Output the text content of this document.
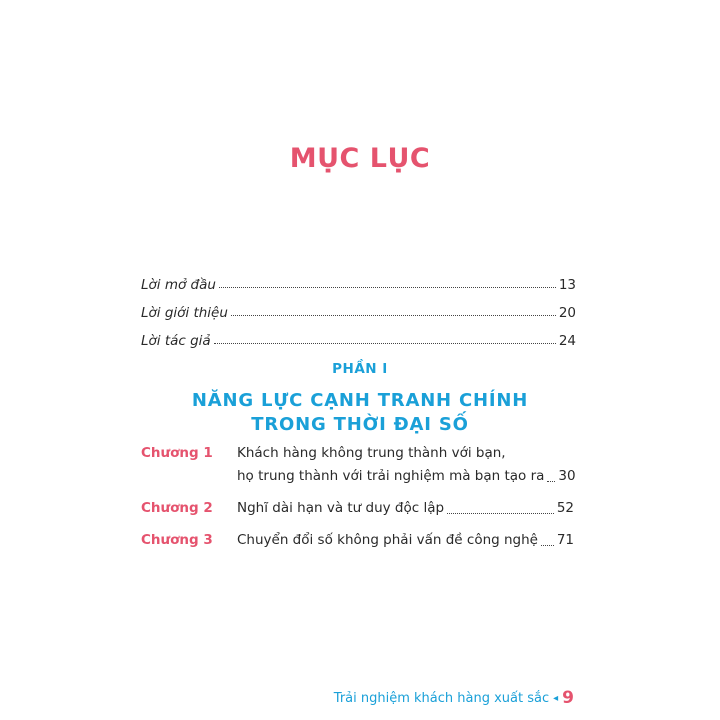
MỤC LỤC
Lời mở đầu	13
Lời giới thiệu	20
Lời tác giả	24
PHẦN I
NĂNG LỰC CẠNH TRANH CHÍNH
TRONG THỜI ĐẠI SỐ
Chương 1	Khách hàng không trung thành với bạn,
họ trung thành với trải nghiệm mà bạn tạo ra 30
Chương 2	Nghĩ dài hạn và tư duy độc lập	52
Chương 3	Chuyển đổi số không phải vấn đề công nghệ 71
Trải nghiệm khách hàng xuất sắc ◂ 9
